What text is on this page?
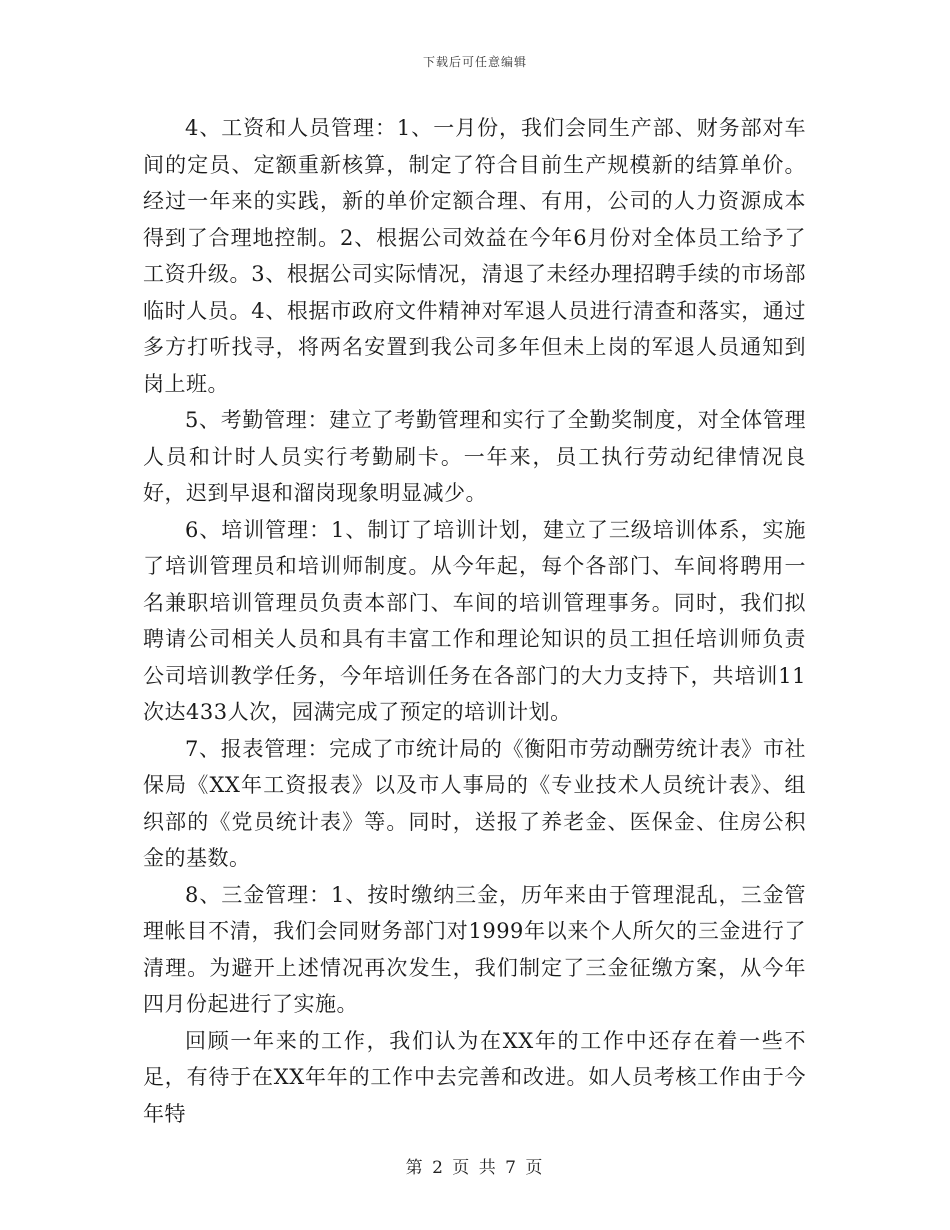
下载后可任意编辑

4、工资和人员管理：1、一月份，我们会同生产部、财务部对车间的定员、定额重新核算，制定了符合目前生产规模新的结算单价。经过一年来的实践，新的单价定额合理、有用，公司的人力资源成本得到了合理地控制。2、根据公司效益在今年6月份对全体员工给予了工资升级。3、根据公司实际情况，清退了未经办理招聘手续的市场部临时人员。4、根据市政府文件精神对军退人员进行清查和落实，通过多方打听找寻，将两名安置到我公司多年但未上岗的军退人员通知到岗上班。

5、考勤管理：建立了考勤管理和实行了全勤奖制度，对全体管理人员和计时人员实行考勤刷卡。一年来，员工执行劳动纪律情况良好，迟到早退和溜岗现象明显减少。

6、培训管理：1、制订了培训计划，建立了三级培训体系，实施了培训管理员和培训师制度。从今年起，每个各部门、车间将聘用一名兼职培训管理员负责本部门、车间的培训管理事务。同时，我们拟聘请公司相关人员和具有丰富工作和理论知识的员工担任培训师负责公司培训教学任务，今年培训任务在各部门的大力支持下，共培训11次达433人次，园满完成了预定的培训计划。

7、报表管理：完成了市统计局的《衡阳市劳动酬劳统计表》市社保局《XX年工资报表》以及市人事局的《专业技术人员统计表》、组织部的《党员统计表》等。同时，送报了养老金、医保金、住房公积金的基数。

8、三金管理：1、按时缴纳三金，历年来由于管理混乱，三金管理帐目不清，我们会同财务部门对1999年以来个人所欠的三金进行了清理。为避开上述情况再次发生，我们制定了三金征缴方案，从今年四月份起进行了实施。

回顾一年来的工作，我们认为在XX年的工作中还存在着一些不足，有待于在XX年年的工作中去完善和改进。如人员考核工作由于今年特

第 2 页 共 7 页
